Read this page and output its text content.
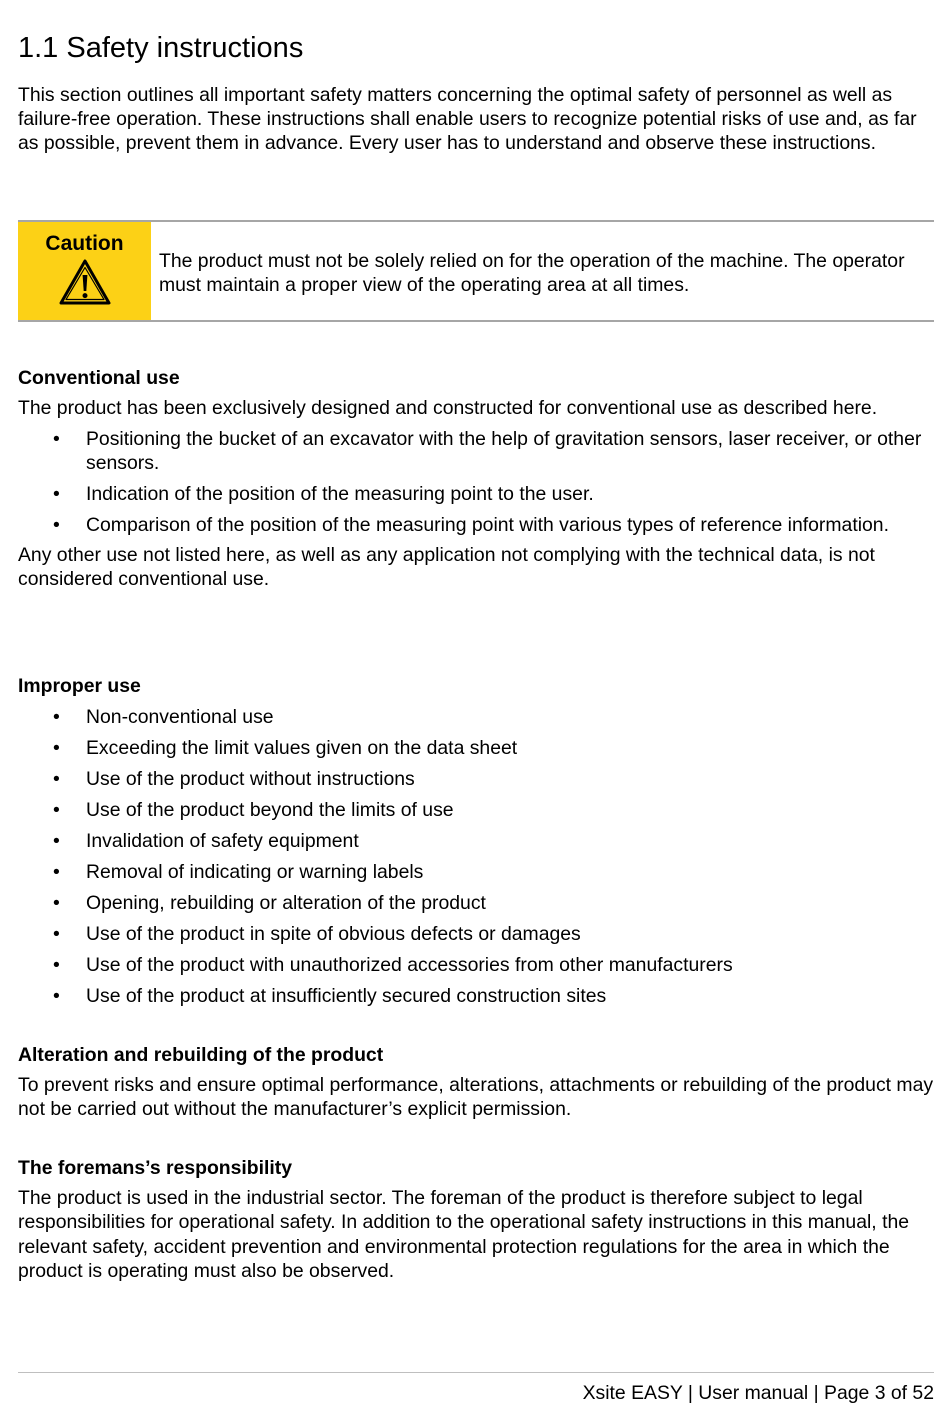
1.1 Safety instructions

This section outlines all important safety matters concerning the optimal safety of personnel as well as failure-free operation. These instructions shall enable users to recognize potential risks of use and, as far as possible, prevent them in advance. Every user has to understand and observe these instructions.

Caution

The product must not be solely relied on for the operation of the machine. The operator must maintain a proper view of the operating area at all times.

Conventional use

The product has been exclusively designed and constructed for conventional use as described here.

• Positioning the bucket of an excavator with the help of gravitation sensors, laser receiver, or other sensors.
• Indication of the position of the measuring point to the user.
• Comparison of the position of the measuring point with various types of reference information.

Any other use not listed here, as well as any application not complying with the technical data, is not considered conventional use.

Improper use

• Non-conventional use
• Exceeding the limit values given on the data sheet
• Use of the product without instructions
• Use of the product beyond the limits of use
• Invalidation of safety equipment
• Removal of indicating or warning labels
• Opening, rebuilding or alteration of the product
• Use of the product in spite of obvious defects or damages
• Use of the product with unauthorized accessories from other manufacturers
• Use of the product at insufficiently secured construction sites

Alteration and rebuilding of the product

To prevent risks and ensure optimal performance, alterations, attachments or rebuilding of the product may not be carried out without the manufacturer’s explicit permission.

The foremans’s responsibility

The product is used in the industrial sector. The foreman of the product is therefore subject to legal responsibilities for operational safety. In addition to the operational safety instructions in this manual, the relevant safety, accident prevention and environmental protection regulations for the area in which the product is operating must also be observed.

Xsite EASY | User manual | Page 3 of 52
